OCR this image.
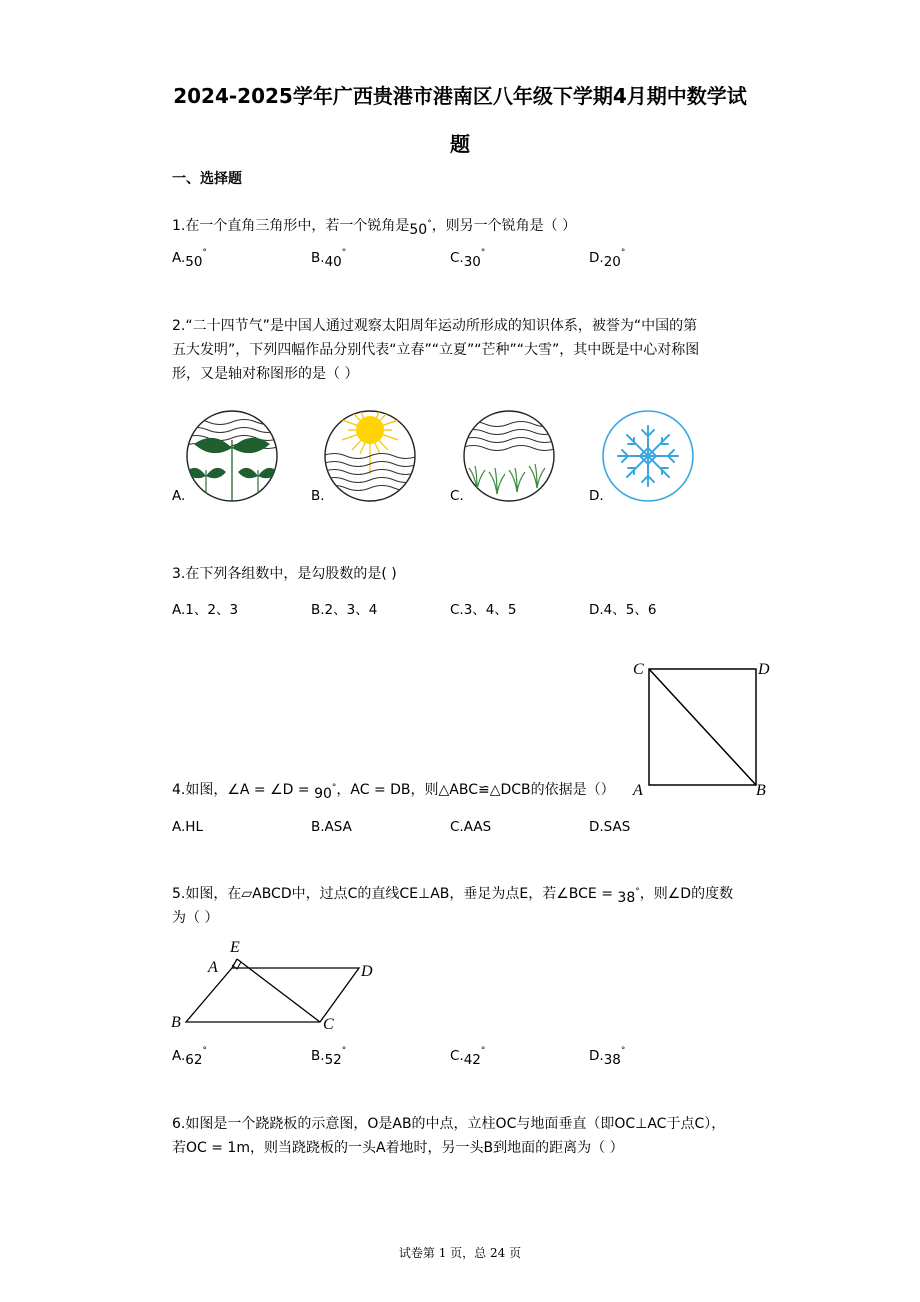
2024-2025学年广西贵港市港南区八年级下学期4月期中数学试
题
一、选择题
1.在一个直角三角形中，若一个锐角是50°，则另一个锐角是（ ）
A.50°	B.40°	C.30°	D.20°
2.“二十四节气”是中国人通过观察太阳周年运动所形成的知识体系，被誉为“中国的第
五大发明”，下列四幅作品分别代表“立春”“立夏”“芒种”“大雪”，其中既是中心对称图
形，又是轴对称图形的是（ ）
A.	B.	C.	D.
3.在下列各组数中，是勾股数的是( )
A.1、2、3	B.2、3、4	C.3、4、5	D.4、5、6
C	D
A	B
4.如图，∠A = ∠D = 90°，AC = DB，则△ABC≌△DCB的依据是（）
A.HL	B.ASA	C.AAS	D.SAS
5.如图，在▱ABCD中，过点C的直线CE⊥AB，垂足为点E，若∠BCE = 38°，则∠D的度数
为（ ）
E
A	D
B	C
A.62°	B.52°	C.42°	D.38°
6.如图是一个跷跷板的示意图，O是AB的中点，立柱OC与地面垂直（即OC⊥AC于点C），
若OC = 1m，则当跷跷板的一头A着地时，另一头B到地面的距离为（ ）
试卷第 1 页，总 24 页
